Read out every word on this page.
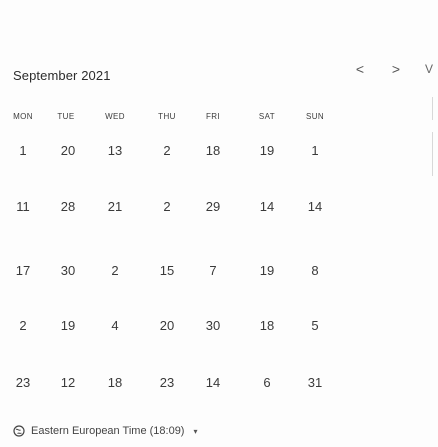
September 2021	<	>	V
MON	TUE	WED	THU	FRI	SAT	SUN
1	20	13	2	18	19	1
11	28	21	2	29	14	14
17	30	2	15	7	19	8
2	19	4	20	30	18	5
23	12	18	23	14	6	31
Eastern European Time (18:09) ▾
